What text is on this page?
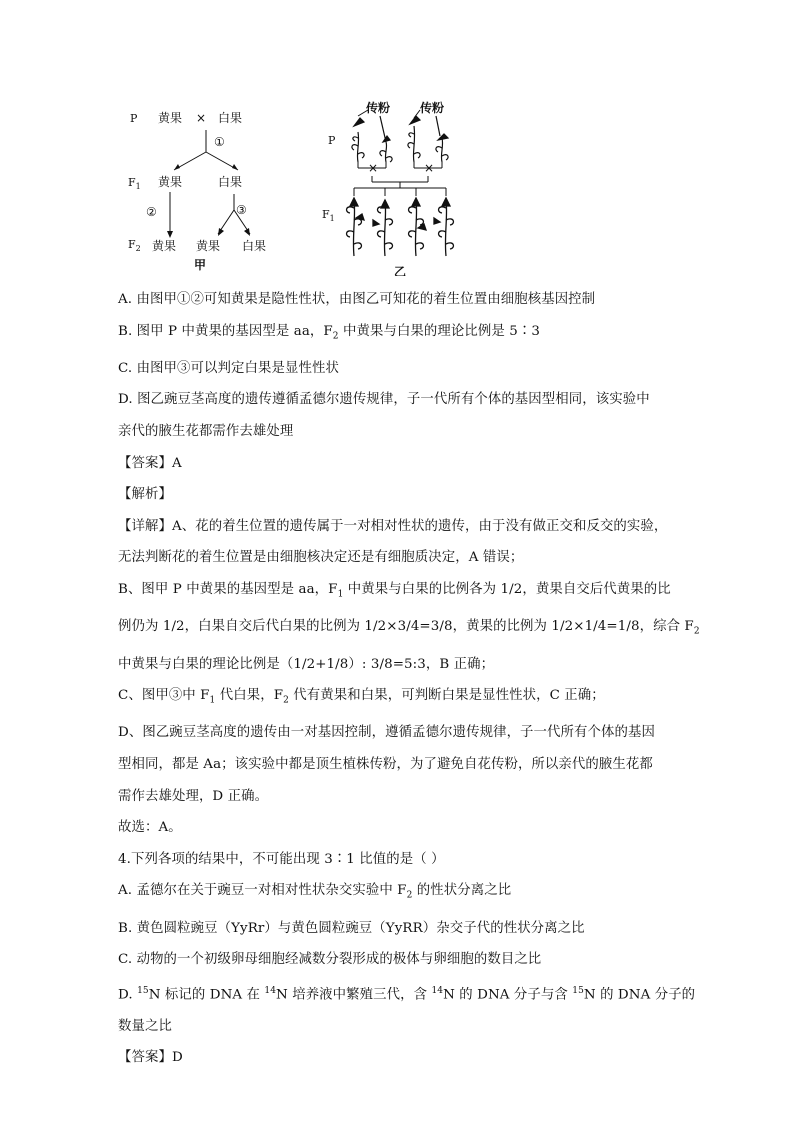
P 黄果 × 白果
①
$F_1$ 黄果	白果
②	③
$F_2$ 黄果 黄果 白果
甲
传粉 传粉
P
×	×
$F_1$
乙
A. 由图甲①②可知黄果是隐性性状，由图乙可知花的着生位置由细胞核基因控制
B. 图甲 P 中黄果的基因型是 aa，$F_2$ 中黄果与白果的理论比例是 5∶3
C. 由图甲③可以判定白果是显性性状
D. 图乙豌豆茎高度的遗传遵循孟德尔遗传规律，子一代所有个体的基因型相同，该实验中
亲代的腋生花都需作去雄处理
【答案】A
【解析】
【详解】A、花的着生位置的遗传属于一对相对性状的遗传，由于没有做正交和反交的实验，
无法判断花的着生位置是由细胞核决定还是有细胞质决定，A 错误；
B、图甲 P 中黄果的基因型是 aa，$F_1$ 中黄果与白果的比例各为 1/2，黄果自交后代黄果的比
例仍为 1/2，白果自交后代白果的比例为 1/2×3/4=3/8，黄果的比例为 1/2×1/4=1/8，综合 $F_2$
中黄果与白果的理论比例是（1/2+1/8）: 3/8=5:3，B 正确；
C、图甲③中 $F_1$ 代白果，$F_2$ 代有黄果和白果，可判断白果是显性性状，C 正确；
D、图乙豌豆茎高度的遗传由一对基因控制，遵循孟德尔遗传规律，子一代所有个体的基因
型相同，都是 Aa；该实验中都是顶生植株传粉，为了避免自花传粉，所以亲代的腋生花都
需作去雄处理，D 正确。
故选：A。
4.下列各项的结果中，不可能出现 3∶1 比值的是（ ）
A. 孟德尔在关于豌豆一对相对性状杂交实验中 $F_2$ 的性状分离之比
B. 黄色圆粒豌豆（YyRr）与黄色圆粒豌豆（YyRR）杂交子代的性状分离之比
C. 动物的一个初级卵母细胞经减数分裂形成的极体与卵细胞的数目之比
D. $^{15}$N 标记的 DNA 在 $^{14}$N 培养液中繁殖三代，含 $^{14}$N 的 DNA 分子与含 $^{15}$N 的 DNA 分子的
数量之比
【答案】D
